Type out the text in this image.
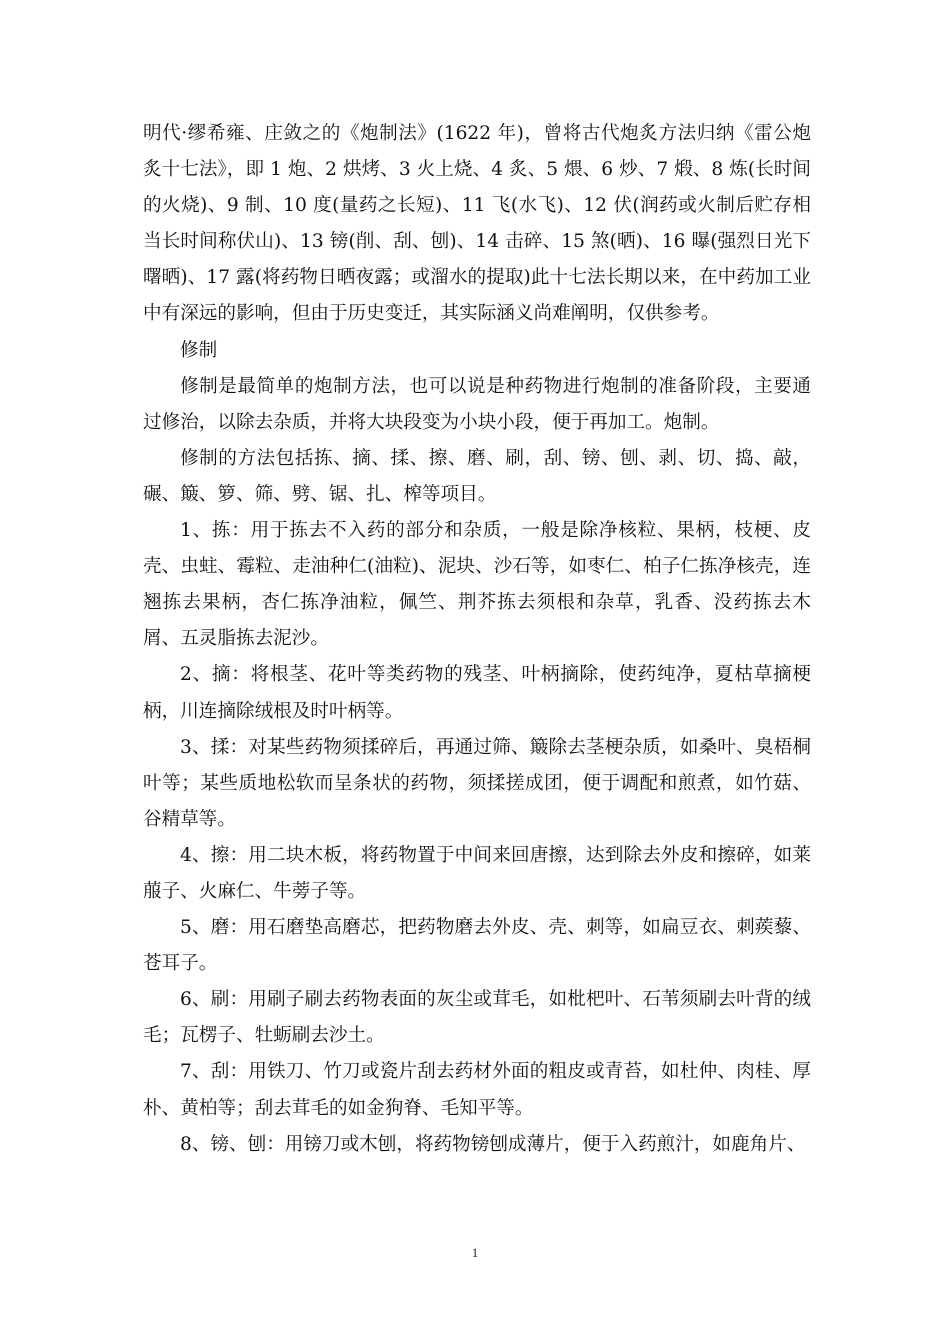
明代·缪希雍、庄敛之的《炮制法》(1622 年)，曾将古代炮炙方法归纳《雷公炮炙十七法》，即 1 炮、2 烘烤、3 火上烧、4 炙、5 煨、6 炒、7 煅、8 炼(长时间的火烧)、9 制、10 度(量药之长短)、11 飞(水飞)、12 伏(润药或火制后贮存相当长时间称伏山)、13 镑(削、刮、刨)、14 击碎、15 煞(晒)、16 曝(强烈日光下曙晒)、17 露(将药物日晒夜露；或溜水的提取)此十七法长期以来，在中药加工业中有深远的影响，但由于历史变迁，其实际涵义尚难阐明，仅供参考。

修制

修制是最简单的炮制方法，也可以说是种药物进行炮制的准备阶段，主要通过修治，以除去杂质，并将大块段变为小块小段，便于再加工。炮制。

修制的方法包括拣、摘、揉、擦、磨、刷，刮、镑、刨、剥、切、捣、敲，碾、簸、箩、筛、劈、锯、扎、榨等项目。

1、拣：用于拣去不入药的部分和杂质，一般是除净核粒、果柄，枝梗、皮壳、虫蛀、霉粒、走油种仁(油粒)、泥块、沙石等，如枣仁、柏子仁拣净核壳，连翘拣去果柄，杏仁拣净油粒，佩竺、荆芥拣去须根和杂草，乳香、没药拣去木屑、五灵脂拣去泥沙。

2、摘：将根茎、花叶等类药物的残茎、叶柄摘除，使药纯净，夏枯草摘梗柄，川连摘除绒根及时叶柄等。

3、揉：对某些药物须揉碎后，再通过筛、簸除去茎梗杂质，如桑叶、臭梧桐叶等；某些质地松软而呈条状的药物，须揉搓成团，便于调配和煎煮，如竹菇、谷精草等。

4、擦：用二块木板，将药物置于中间来回唐擦，达到除去外皮和擦碎，如莱菔子、火麻仁、牛蒡子等。

5、磨：用石磨垫高磨芯，把药物磨去外皮、壳、刺等，如扁豆衣、刺蒺藜、苍耳子。

6、刷：用刷子刷去药物表面的灰尘或茸毛，如枇杷叶、石苇须刷去叶背的绒毛；瓦楞子、牡蛎刷去沙土。

7、刮：用铁刀、竹刀或瓷片刮去药材外面的粗皮或青苔，如杜仲、肉桂、厚朴、黄柏等；刮去茸毛的如金狗脊、毛知平等。

8、镑、刨：用镑刀或木刨，将药物镑刨成薄片，便于入药煎汁，如鹿角片、

1
